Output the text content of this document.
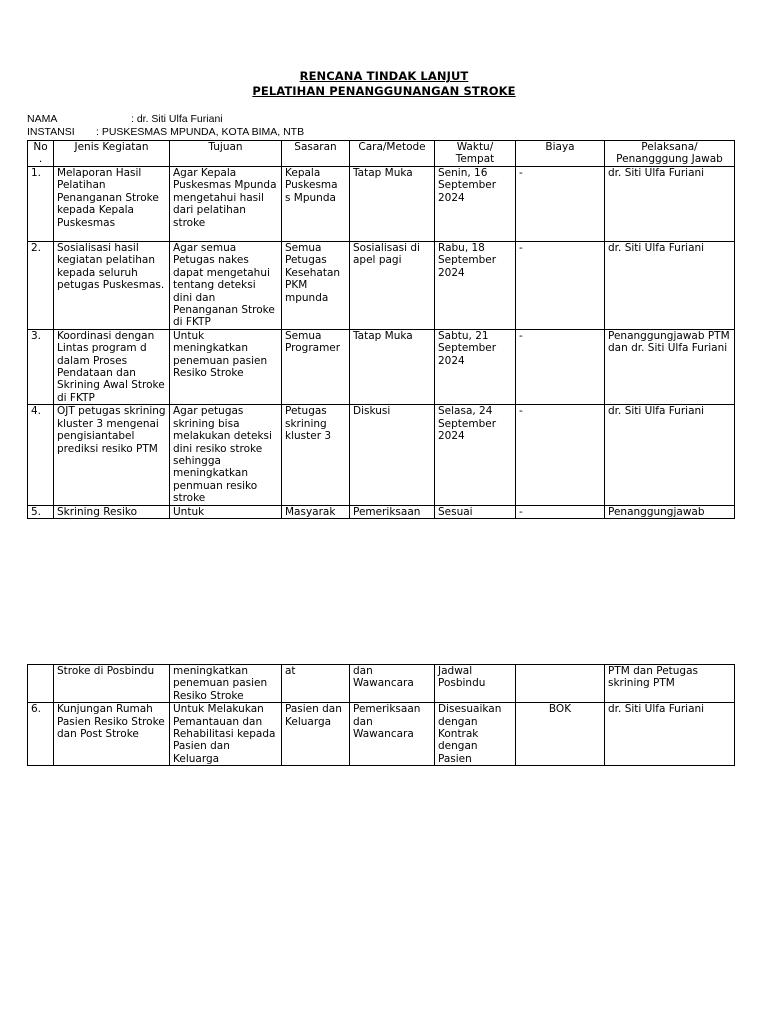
RENCANA TINDAK LANJUT
PELATIHAN PENANGGUNANGAN STROKE
NAMA	: dr. Siti Ulfa Furiani
INSTANSI : PUSKESMAS MPUNDA, KOTA BIMA, NTB
No .	Jenis Kegiatan	Tujuan	Sasaran	Cara/Metode	Waktu/ Tempat	Biaya	Pelaksana/ Penangggung Jawab
1.	Melaporan Hasil Pelatihan Penanganan Stroke kepada Kepala Puskesmas	Agar Kepala Puskesmas Mpunda mengetahui hasil dari pelatihan stroke	Kepala Puskesma s Mpunda	Tatap Muka	Senin, 16 September 2024	-	dr. Siti Ulfa Furiani
2.	Sosialisasi hasil kegiatan pelatihan kepada seluruh petugas Puskesmas.	Agar semua Petugas nakes dapat mengetahui tentang deteksi dini dan Penanganan Stroke di FKTP	Semua Petugas Kesehatan PKM mpunda	Sosialisasi di apel pagi	Rabu, 18 September 2024	-	dr. Siti Ulfa Furiani
3.	Koordinasi dengan Lintas program d dalam Proses Pendataan dan Skrining Awal Stroke di FKTP	Untuk meningkatkan penemuan pasien Resiko Stroke	Semua Programer	Tatap Muka	Sabtu, 21 September 2024	-	Penanggungjawab PTM dan dr. Siti Ulfa Furiani
4.	OJT petugas skrining kluster 3 mengenai pengisiantabel prediksi resiko PTM	Agar petugas skrining bisa melakukan deteksi dini resiko stroke sehingga meningkatkan penmuan resiko stroke	Petugas skrining kluster 3	Diskusi	Selasa, 24 September 2024	-	dr. Siti Ulfa Furiani
5.	Skrining Resiko	Untuk	Masyarak	Pemeriksaan	Sesuai	-	Penanggungjawab
	Stroke di Posbindu	meningkatkan penemuan pasien Resiko Stroke	at	dan Wawancara	Jadwal Posbindu		PTM dan Petugas skrining PTM
6.	Kunjungan Rumah Pasien Resiko Stroke dan Post Stroke	Untuk Melakukan Pemantauan dan Rehabilitasi kepada Pasien dan Keluarga	Pasien dan Keluarga	Pemeriksaan dan Wawancara	Disesuaikan dengan Kontrak dengan Pasien	BOK	dr. Siti Ulfa Furiani
